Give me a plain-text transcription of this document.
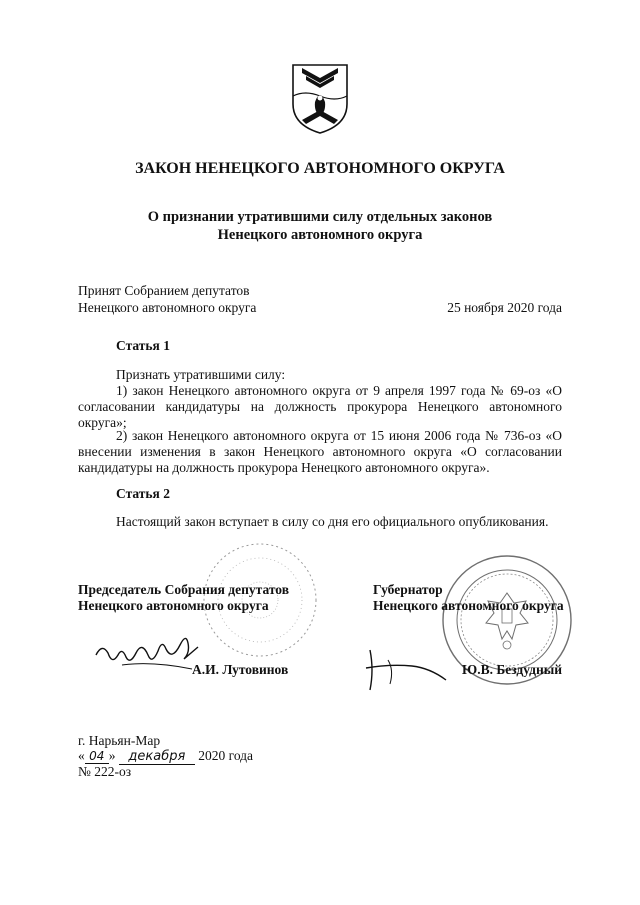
ЗАКОН НЕНЕЦКОГО АВТОНОМНОГО ОКРУГА
О признании утратившими силу отдельных законов
Ненецкого автономного округа
Принят Собранием депутатов
Ненецкого автономного округа	25 ноября 2020 года
Статья 1
Признать утратившими силу:
1) закон Ненецкого автономного округа от 9 апреля 1997 года № 69-оз «О согласовании кандидатуры на должность прокурора Ненецкого автономного округа»;
2) закон Ненецкого автономного округа от 15 июня 2006 года № 736-оз «О внесении изменения в закон Ненецкого автономного округа «О согласовании кандидатуры на должность прокурора Ненецкого автономного округа».
Статья 2
Настоящий закон вступает в силу со дня его официального опубликования.
Председатель Собрания депутатов
Ненецкого автономного округа
Губернатор
Ненецкого автономного округа
А.И. Лутовинов	Ю.В. Бездудный
г. Нарьян-Мар
« 04 » декабря 2020 года
№ 222-оз
